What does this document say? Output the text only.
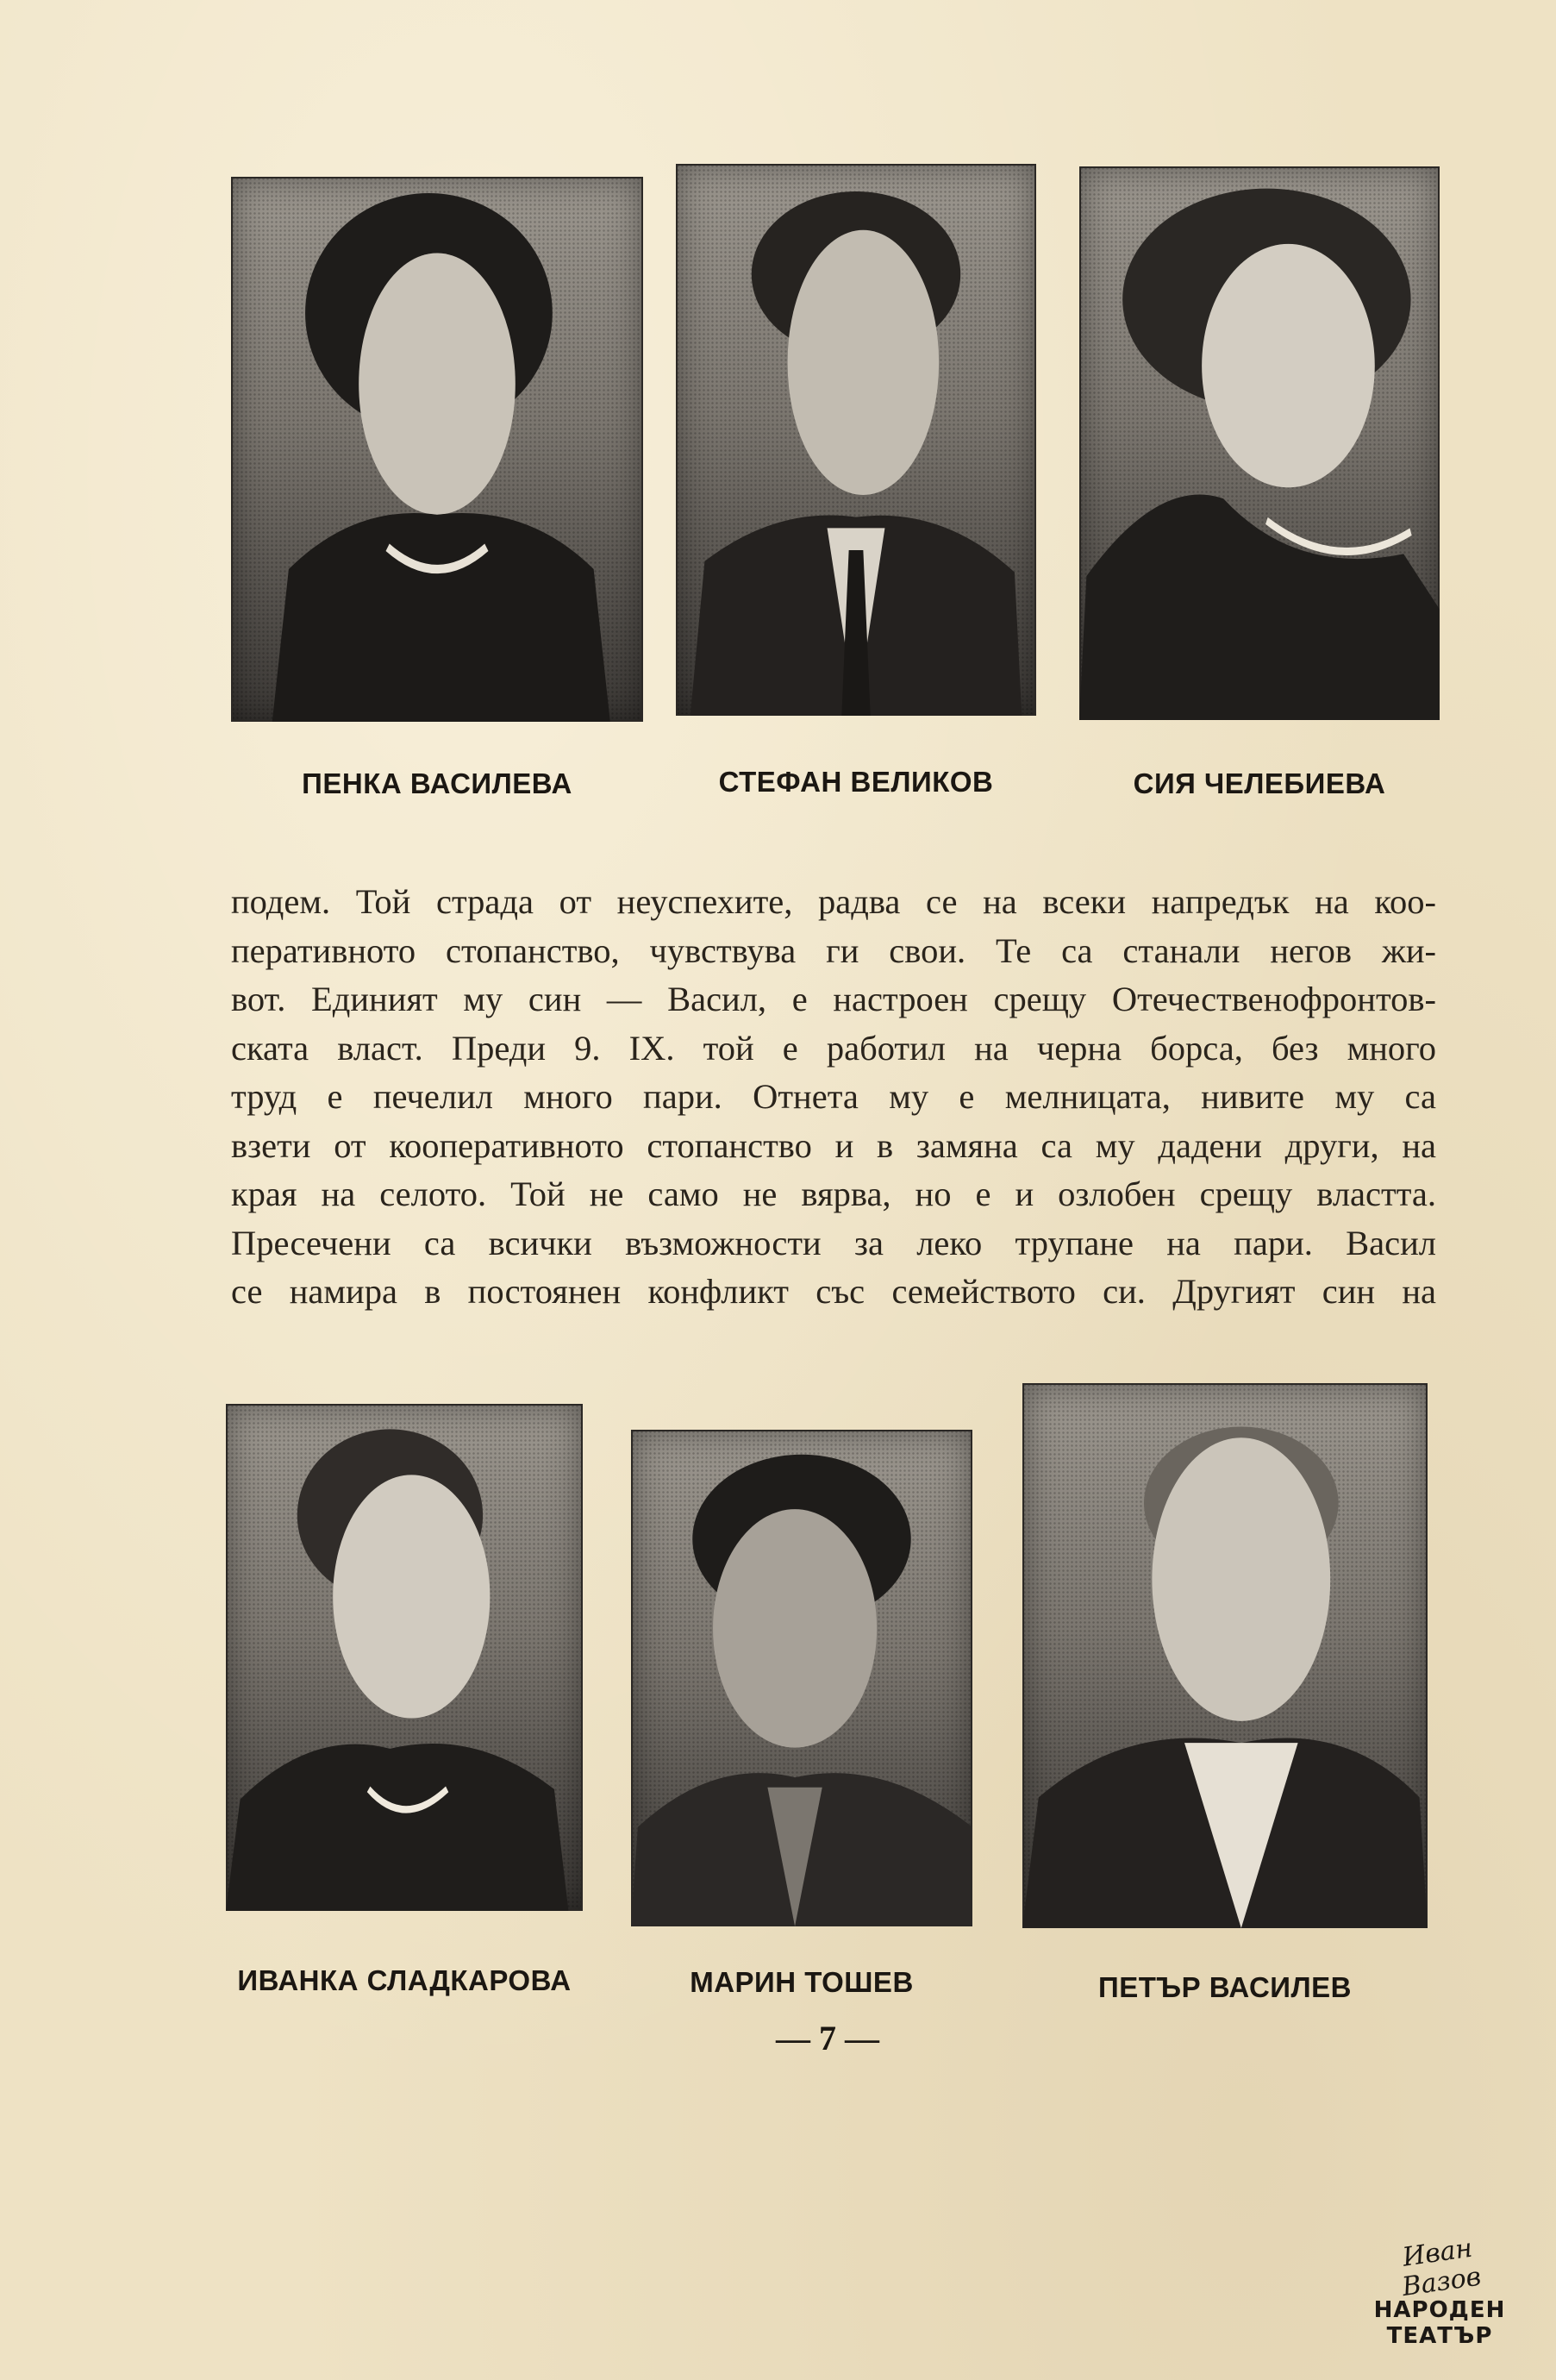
ПЕНКА ВАСИЛЕВА	СТЕФАН ВЕЛИКОВ	СИЯ ЧЕЛЕБИЕВА
подем. Той страда от неуспехите, радва се на всеки напредък на коо-
перативното стопанство, чувствува ги свои. Те са станали негов жи-
вот. Единият му син — Васил, е настроен срещу Отечественофронтов-
ската власт. Преди 9. IX. той е работил на черна борса, без много
труд е печелил много пари. Отнета му е мелницата, нивите му са
взети от кооперативното стопанство и в замяна са му дадени други, на
края на селото. Той не само не вярва, но е и озлобен срещу властта.
Пресечени са всички възможности за леко трупане на пари. Васил
се намира в постоянен конфликт със семейството си. Другият син на
ИВАНКА СЛАДКАРОВА	МАРИН ТОШЕВ	ПЕТЪР ВАСИЛЕВ
— 7 —
Иван Вазов
НАРОДЕН
ТЕАТЪР
